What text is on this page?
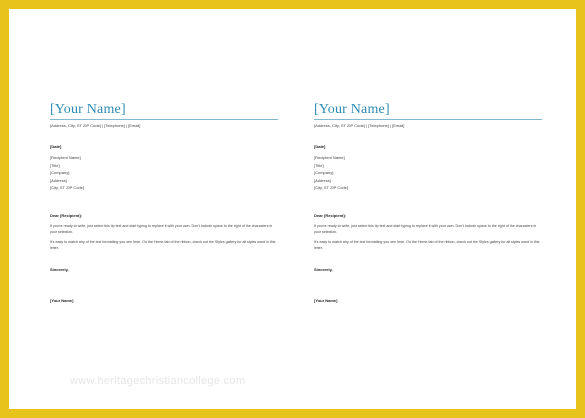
[Your Name]
[Address, City, ST ZIP Code] | [Telephone] | [Email]
[Date]
[Recipient Name]
[Title]
[Company]
[Address]
[City, ST ZIP Code]
Dear [Recipient]:
If you're ready to write, just select this tip text and start typing to replace it with your own. Don't include space to the right of the characters in your selection.
It's easy to match any of the text formatting you see here. On the Home tab of the ribbon, check out the Styles gallery for all styles used in this letter.
Sincerely,
[Your Name]
[Your Name]
[Address, City, ST ZIP Code] | [Telephone] | [Email]
[Date]
[Recipient Name]
[Title]
[Company]
[Address]
[City, ST ZIP Code]
Dear [Recipient]:
If you're ready to write, just select this tip text and start typing to replace it with your own. Don't include space to the right of the characters in your selection.
It's easy to match any of the text formatting you see here. On the Home tab of the ribbon, check out the Styles gallery for all styles used in this letter.
Sincerely,
[Your Name]
www.heritagechristiancollege.com
